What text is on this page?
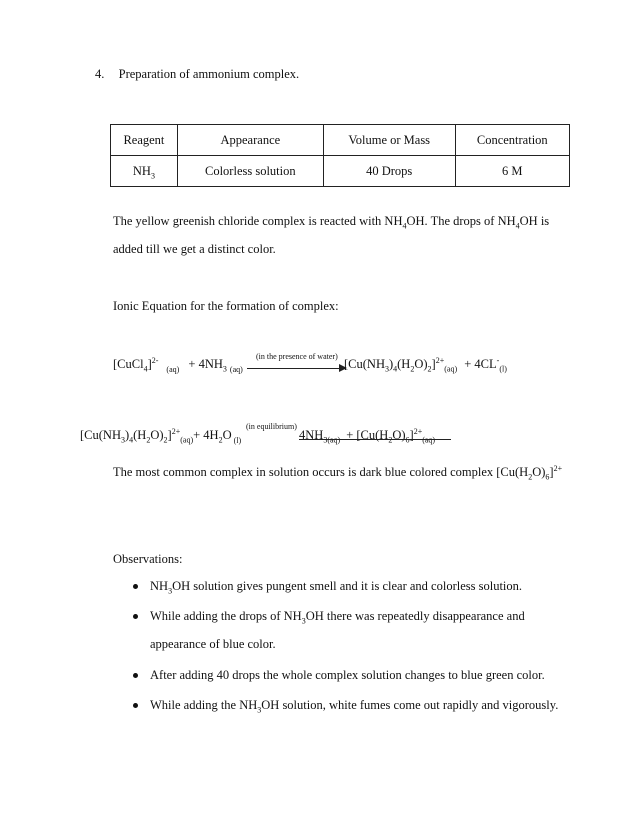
4. Preparation of ammonium complex.
Reagent	Appearance	Volume or Mass	Concentration
$NH_3$	Colorless solution	40 Drops	6 M
The yellow greenish chloride complex is reacted with $NH_4OH$. The drops of $NH_4OH$ is
added till we get a distinct color.
Ionic Equation for the formation of complex:
[CuCl$_4$]$^{2-}_{(aq)}$ + $4NH_3$ $_{(aq)}$
(in the presence of water)
$[Cu(NH_3)_4(H_2O)_2]^{2+}_{(aq)} + 4CL^-_{(l)}$
$[Cu(NH_3)_4(H_2O)_2]^{2+}_{(aq)}+ 4H_2O$ $_{(l)}$
(in equilibrium)
$4NH_{3(aq)} + [Cu(H_2O)_6]^{2+}_{(aq)}$
The most common complex in solution occurs is dark blue colored complex $[Cu(H_2O)_6]^{2+}$
Observations:
$NH_3OH$ solution gives pungent smell and it is clear and colorless solution.
While adding the drops of $NH_3OH$ there was repeatedly disappearance and
appearance of blue color.
After adding 40 drops the whole complex solution changes to blue green color.
While adding the $NH_3OH$ solution, white fumes come out rapidly and vigorously.
